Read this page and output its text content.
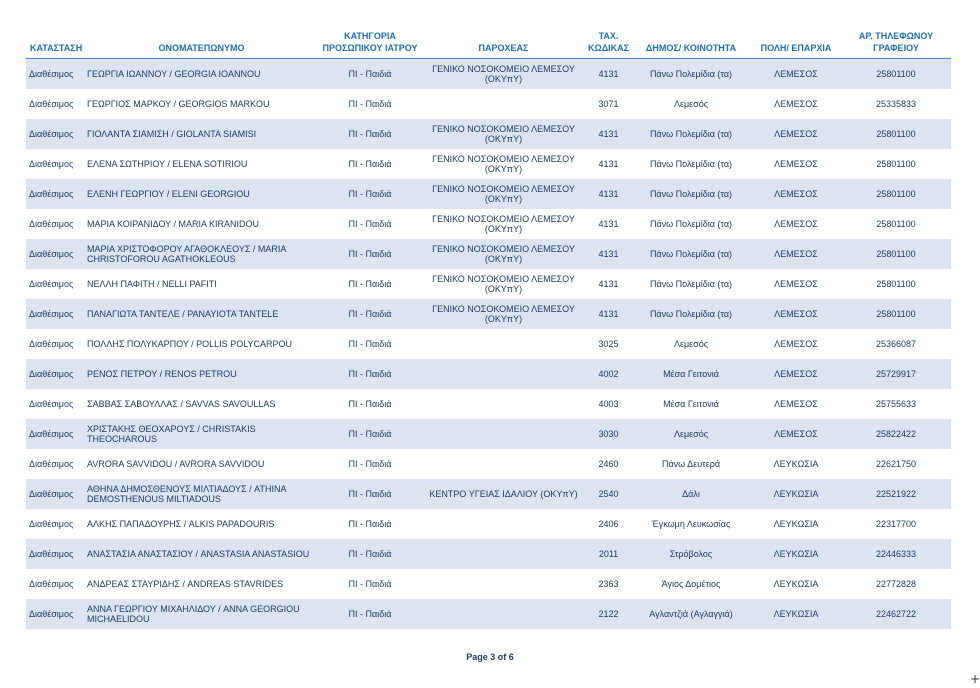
ΚΑΤΑΣΤΑΣΗ	ΟΝΟΜΑΤΕΠΩΝΥΜΟ	ΚΑΤΗΓΟΡΙΑ ΠΡΟΣΩΠΙΚΟΥ ΙΑΤΡΟΥ	ΠΑΡΟΧΕΑΣ	ΤΑΧ. ΚΩΔΙΚΑΣ	ΔΗΜΟΣ/ ΚΟΙΝΟΤΗΤΑ	ΠΟΛΗ/ ΕΠΑΡΧΙΑ	ΑΡ. ΤΗΛΕΦΩΝΟΥ ΓΡΑΦΕΙΟΥ
Διαθέσιμος	ΓΕΩΡΓΙΑ ΙΩΑΝΝΟΥ / GEORGIA IOANNOU	ΠΙ - Παιδιά	ΓΕΝΙΚΟ ΝΟΣΟΚΟΜΕΙΟ ΛΕΜΕΣΟΥ (ΟΚΥπΥ)	4131	Πάνω Πολεμίδια (τα)	ΛΕΜΕΣΟΣ	25801100
Διαθέσιμος	ΓΕΩΡΓΙΟΣ ΜΑΡΚΟΥ / GEORGIOS MARKOU	ΠΙ - Παιδιά		3071	Λεμεσός	ΛΕΜΕΣΟΣ	25335833
Διαθέσιμος	ΓΙΟΛΑΝΤΑ ΣΙΑΜΙΣΗ / GIOLANTA SIAMISI	ΠΙ - Παιδιά	ΓΕΝΙΚΟ ΝΟΣΟΚΟΜΕΙΟ ΛΕΜΕΣΟΥ (ΟΚΥπΥ)	4131	Πάνω Πολεμίδια (τα)	ΛΕΜΕΣΟΣ	25801100
Διαθέσιμος	ΕΛΕΝΑ ΣΩΤΗΡΙΟΥ / ELENA SOTIRIOU	ΠΙ - Παιδιά	ΓΕΝΙΚΟ ΝΟΣΟΚΟΜΕΙΟ ΛΕΜΕΣΟΥ (ΟΚΥπΥ)	4131	Πάνω Πολεμίδια (τα)	ΛΕΜΕΣΟΣ	25801100
Διαθέσιμος	ΕΛΕΝΗ ΓΕΩΡΓΙΟΥ / ELENI GEORGIOU	ΠΙ - Παιδιά	ΓΕΝΙΚΟ ΝΟΣΟΚΟΜΕΙΟ ΛΕΜΕΣΟΥ (ΟΚΥπΥ)	4131	Πάνω Πολεμίδια (τα)	ΛΕΜΕΣΟΣ	25801100
Διαθέσιμος	ΜΑΡΙΑ ΚΟΙΡΑΝΙΔΟΥ / MARIA KIRANIDOU	ΠΙ - Παιδιά	ΓΕΝΙΚΟ ΝΟΣΟΚΟΜΕΙΟ ΛΕΜΕΣΟΥ (ΟΚΥπΥ)	4131	Πάνω Πολεμίδια (τα)	ΛΕΜΕΣΟΣ	25801100
Διαθέσιμος	ΜΑΡΙΑ ΧΡΙΣΤΟΦΟΡΟΥ ΑΓΑΘΟΚΛΕΟΥΣ / MARIA CHRISTOFOROU AGATHOKLEOUS	ΠΙ - Παιδιά	ΓΕΝΙΚΟ ΝΟΣΟΚΟΜΕΙΟ ΛΕΜΕΣΟΥ (ΟΚΥπΥ)	4131	Πάνω Πολεμίδια (τα)	ΛΕΜΕΣΟΣ	25801100
Διαθέσιμος	ΝΕΛΛΗ ΠΑΦΙΤΗ / NELLI PAFITI	ΠΙ - Παιδιά	ΓΕΝΙΚΟ ΝΟΣΟΚΟΜΕΙΟ ΛΕΜΕΣΟΥ (ΟΚΥπΥ)	4131	Πάνω Πολεμίδια (τα)	ΛΕΜΕΣΟΣ	25801100
Διαθέσιμος	ΠΑΝΑΓΙΩΤΑ ΤΑΝΤΕΛΕ / PANAYIOTA TANTELE	ΠΙ - Παιδιά	ΓΕΝΙΚΟ ΝΟΣΟΚΟΜΕΙΟ ΛΕΜΕΣΟΥ (ΟΚΥπΥ)	4131	Πάνω Πολεμίδια (τα)	ΛΕΜΕΣΟΣ	25801100
Διαθέσιμος	ΠΟΛΛΗΣ ΠΟΛΥΚΑΡΠΟΥ / POLLIS POLYCARPOU	ΠΙ - Παιδιά		3025	Λεμεσός	ΛΕΜΕΣΟΣ	25366087
Διαθέσιμος	ΡΕΝΟΣ ΠΕΤΡΟΥ / RENOS PETROU	ΠΙ - Παιδιά		4002	Μέσα Γειτονιά	ΛΕΜΕΣΟΣ	25729917
Διαθέσιμος	ΣΑΒΒΑΣ ΣΑΒΟΥΛΛΑΣ / SAVVAS SAVOULLAS	ΠΙ - Παιδιά		4003	Μέσα Γειτονιά	ΛΕΜΕΣΟΣ	25755633
Διαθέσιμος	ΧΡΙΣΤΑΚΗΣ ΘΕΟΧΑΡΟΥΣ / CHRISTAKIS THEOCHAROUS	ΠΙ - Παιδιά		3030	Λεμεσός	ΛΕΜΕΣΟΣ	25822422
Διαθέσιμος	AVRORA SAVVIDOU / AVRORA SAVVIDOU	ΠΙ - Παιδιά		2460	Πάνω Δευτερά	ΛΕΥΚΩΣΙΑ	22621750
Διαθέσιμος	ΑΘΗΝΑ ΔΗΜΟΣΘΕΝΟΥΣ ΜΙΛΤΙΑΔΟΥΣ / ATHINA DEMOSTHENOUS MILTIADOUS	ΠΙ - Παιδιά	ΚΕΝΤΡΟ ΥΓΕΙΑΣ ΙΔΑΛΙΟΥ (ΟΚΥπΥ)	2540	Δάλι	ΛΕΥΚΩΣΙΑ	22521922
Διαθέσιμος	ΑΛΚΗΣ ΠΑΠΑΔΟΥΡΗΣ / ALKIS PAPADOURIS	ΠΙ - Παιδιά		2406	Έγκωμη Λευκωσίας	ΛΕΥΚΩΣΙΑ	22317700
Διαθέσιμος	ΑΝΑΣΤΑΣΙΑ ΑΝΑΣΤΑΣΙΟΥ / ANASTASIA ANASTASIOU	ΠΙ - Παιδιά		2011	Στρόβολος	ΛΕΥΚΩΣΙΑ	22446333
Διαθέσιμος	ΑΝΔΡΕΑΣ ΣΤΑΥΡΙΔΗΣ / ANDREAS STAVRIDES	ΠΙ - Παιδιά		2363	Άγιος Δομέτιος	ΛΕΥΚΩΣΙΑ	22772828
Διαθέσιμος	ΑΝΝΑ ΓΕΩΡΓΙΟΥ ΜΙΧΑΗΛΙΔΟΥ / ANNA GEORGIOU MICHAELIDOU	ΠΙ - Παιδιά		2122	Αγλαντζιά (Αγλαγγιά)	ΛΕΥΚΩΣΙΑ	22462722
Page 3 of 6
+
